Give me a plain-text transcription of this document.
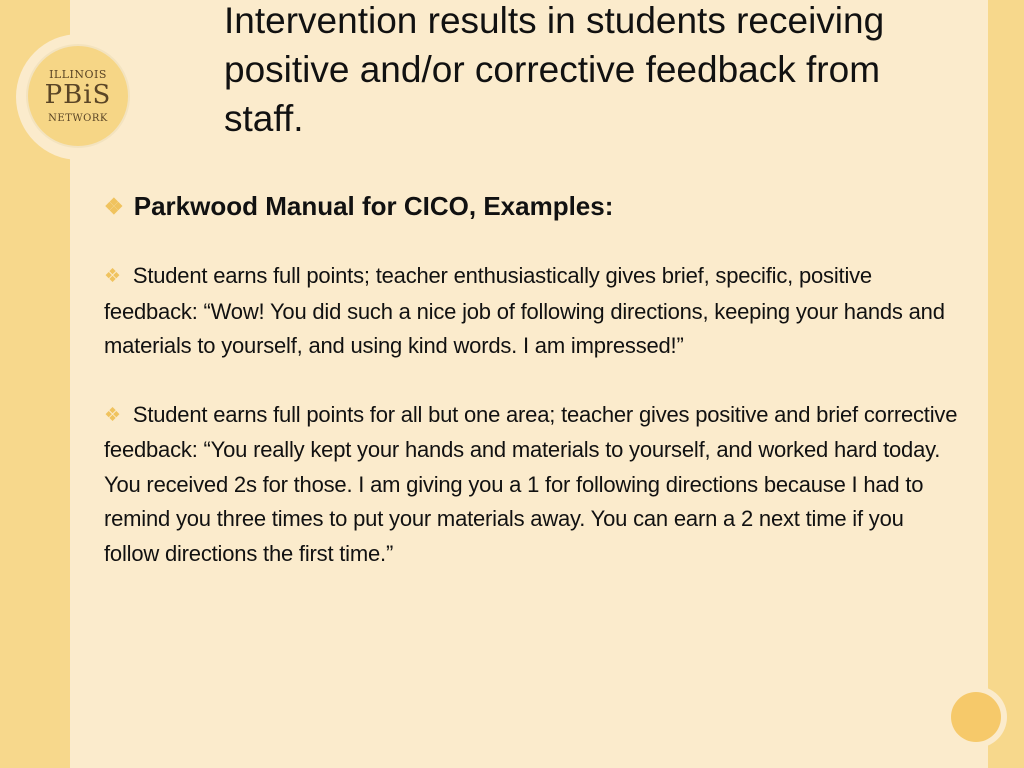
ILLINOIS
PBiS
NETWORK
Intervention results in students receiving positive and/or corrective feedback from staff.

❖ Parkwood Manual for CICO, Examples:

❖ Student earns full points; teacher enthusiastically gives brief, specific, positive feedback: “Wow! You did such a nice job of following directions, keeping your hands and materials to yourself, and using kind words. I am impressed!”

❖ Student earns full points for all but one area; teacher gives positive and brief corrective feedback: “You really kept your hands and materials to yourself, and worked hard today. You received 2s for those. I am giving you a 1 for following directions because I had to remind you three times to put your materials away. You can earn a 2 next time if you follow directions the first time.”
